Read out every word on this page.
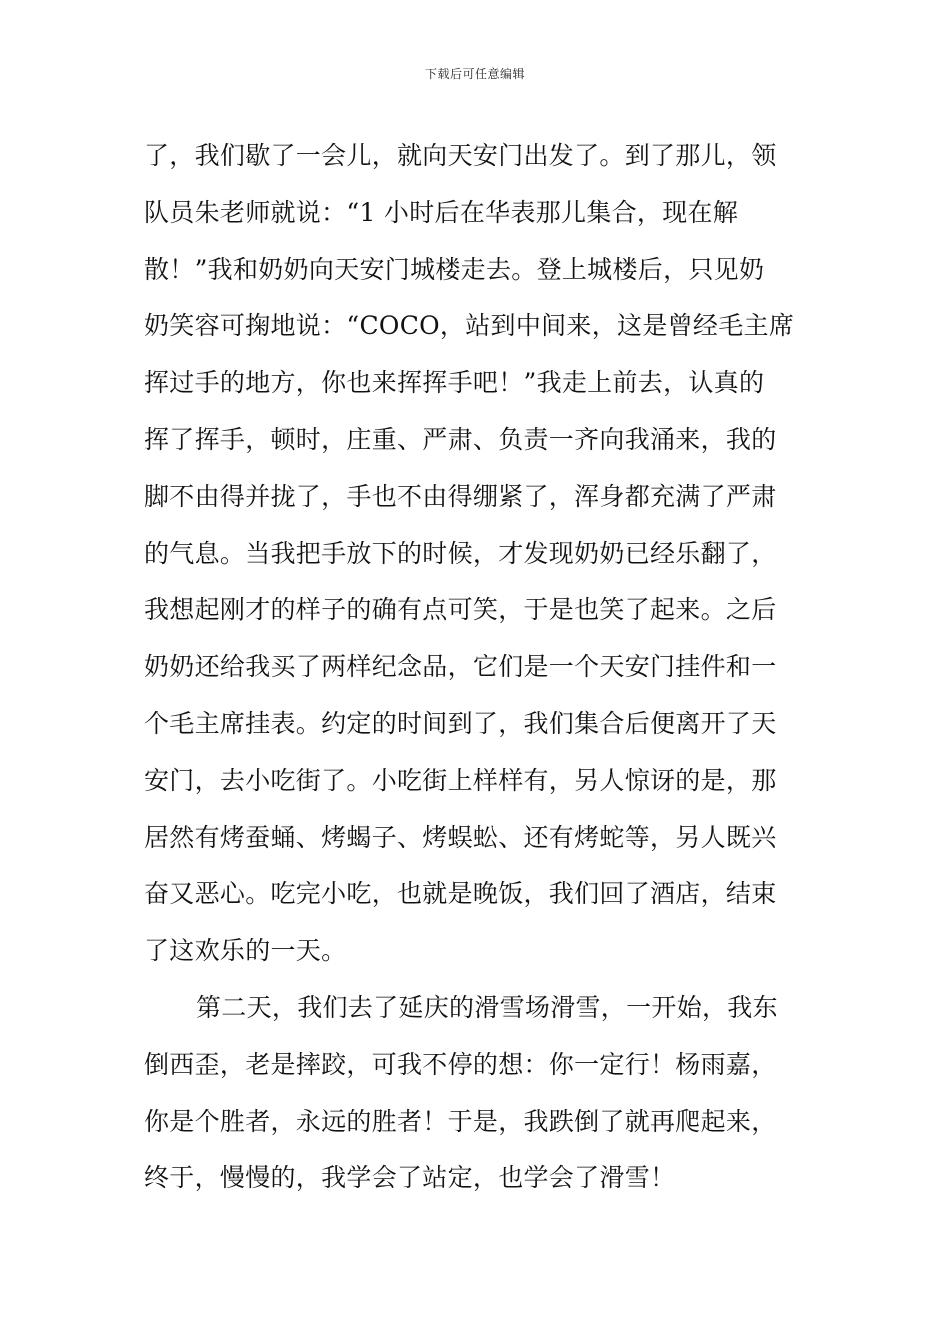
下载后可任意编辑
了，我们歇了一会儿，就向天安门出发了。到了那儿，领
队员朱老师就说：“1 小时后在华表那儿集合，现在解
散！”我和奶奶向天安门城楼走去。登上城楼后，只见奶
奶笑容可掬地说：“COCO，站到中间来，这是曾经毛主席
挥过手的地方，你也来挥挥手吧！”我走上前去，认真的
挥了挥手，顿时，庄重、严肃、负责一齐向我涌来，我的
脚不由得并拢了，手也不由得绷紧了，浑身都充满了严肃
的气息。当我把手放下的时候，才发现奶奶已经乐翻了，
我想起刚才的样子的确有点可笑，于是也笑了起来。之后
奶奶还给我买了两样纪念品，它们是一个天安门挂件和一
个毛主席挂表。约定的时间到了，我们集合后便离开了天
安门，去小吃街了。小吃街上样样有，另人惊讶的是，那
居然有烤蚕蛹、烤蝎子、烤蜈蚣、还有烤蛇等，另人既兴
奋又恶心。吃完小吃，也就是晚饭，我们回了酒店，结束
了这欢乐的一天。
第二天，我们去了延庆的滑雪场滑雪，一开始，我东
倒西歪，老是摔跤，可我不停的想：你一定行！杨雨嘉，
你是个胜者，永远的胜者！于是，我跌倒了就再爬起来，
终于，慢慢的，我学会了站定，也学会了滑雪！
